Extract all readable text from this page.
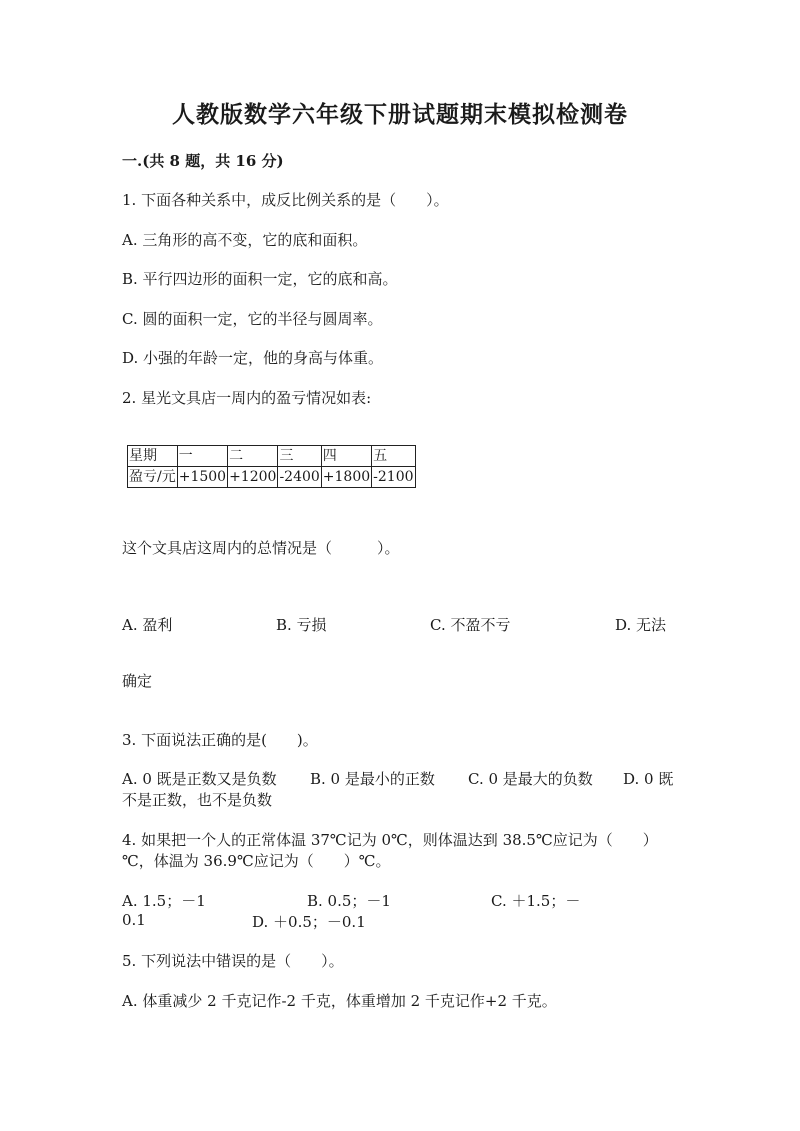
人教版数学六年级下册试题期末模拟检测卷
一.(共 8 题，共 16 分)
1. 下面各种关系中，成反比例关系的是（　　）。
A. 三角形的高不变，它的底和面积。
B. 平行四边形的面积一定，它的底和高。
C. 圆的面积一定，它的半径与圆周率。
D. 小强的年龄一定，他的身高与体重。
2. 星光文具店一周内的盈亏情况如表:
星期	一	二	三	四	五
盈亏/元	+1500	+1200	-2400	+1800	-2100
这个文具店这周内的总情况是（　　　）。
A. 盈利	B. 亏损	C. 不盈不亏	D. 无法
确定
3. 下面说法正确的是(　　)。
A. 0 既是正数又是负数 B. 0 是最小的正数 C. 0 是最大的负数 D. 0 既
不是正数，也不是负数
4. 如果把一个人的正常体温 37℃记为 0℃，则体温达到 38.5℃应记为（　　）
℃，体温为 36.9℃应记为（　　）℃。
A. 1.5；－1	B. 0.5；－1	C. ＋1.5；－
0.1	D. ＋0.5；－0.1
5. 下列说法中错误的是（　　）。
A. 体重减少 2 千克记作-2 千克，体重增加 2 千克记作+2 千克。
